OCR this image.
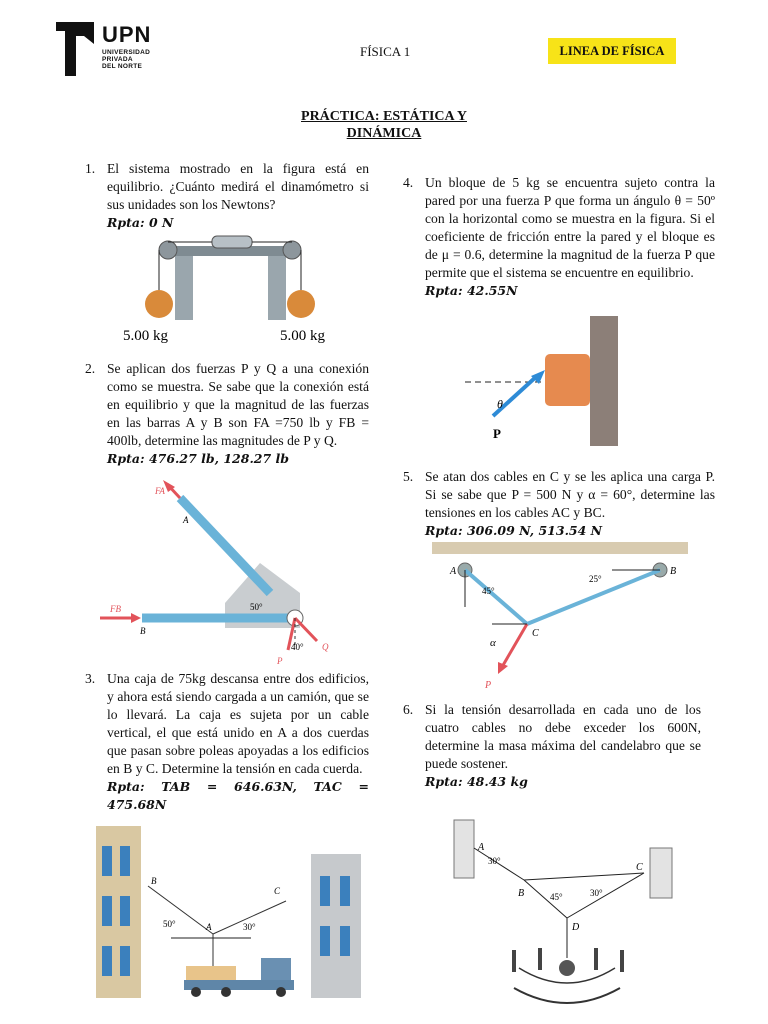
UPN
UNIVERSIDAD
PRIVADA
DEL NORTE
FÍSICA 1	LINEA DE FÍSICA
PRÁCTICA: ESTÁTICA Y
DINÁMICA
1. El sistema mostrado en la figura está en equilibrio. ¿Cuánto medirá el dinamómetro si sus unidades son los Newtons?
Rpta: 0 N
5.00 kg	5.00 kg
2. Se aplican dos fuerzas P y Q a una conexión como se muestra. Se sabe que la conexión está en equilibrio y que la magnitud de las fuerzas en las barras A y B son FA =750 lb y FB = 400lb, determine las magnitudes de P y Q.
Rpta: 476.27 lb, 128.27 lb
FA
A
FB
B
50°
40°
P
Q
3. Una caja de 75kg descansa entre dos edificios, y ahora está siendo cargada a un camión, que se lo llevará. La caja es sujeta por un cable vertical, el que está unido en A a dos cuerdas que pasan sobre poleas apoyadas a los edificios en B y C. Determine la tensión en cada cuerda.
Rpta: TAB = 646.63N, TAC = 475.68N
B
C
A
50°	30°
4. Un bloque de 5 kg se encuentra sujeto contra la pared por una fuerza P que forma un ángulo θ = 50º con la horizontal como se muestra en la figura. Si el coeficiente de fricción entre la pared y el bloque es de μ = 0.6, determine la magnitud de la fuerza P que permite que el sistema se encuentre en equilibrio.
Rpta: 42.55N
θ
P
5. Se atan dos cables en C y se les aplica una carga P. Si se sabe que P = 500 N y α = 60°, determine las tensiones en los cables AC y BC.
Rpta: 306.09 N, 513.54 N
A	B
C
45°
25°
α
P
6. Si la tensión desarrollada en cada uno de los cuatro cables no debe exceder los 600N, determine la masa máxima del candelabro que se puede sostener.
Rpta: 48.43 kg
A
B
C
D
30°
45°	30°
